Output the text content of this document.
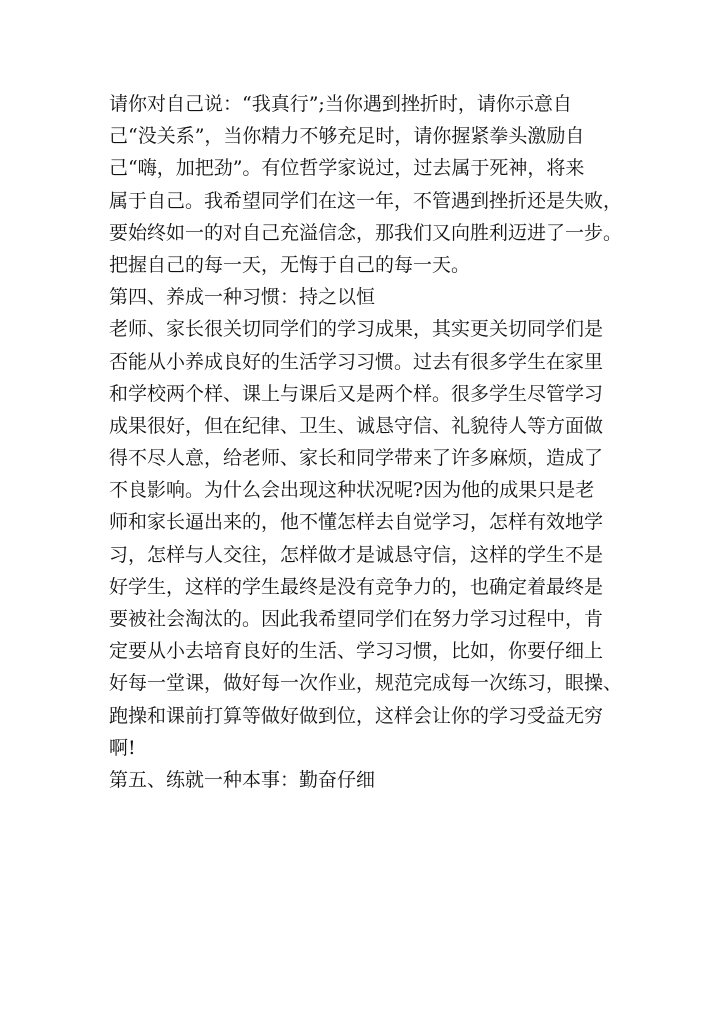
请你对自己说：“我真行”;当你遇到挫折时，请你示意自
己“没关系”，当你精力不够充足时，请你握紧拳头激励自
己“嗨，加把劲”。有位哲学家说过，过去属于死神，将来
属于自己。我希望同学们在这一年，不管遇到挫折还是失败，
要始终如一的对自己充溢信念，那我们又向胜利迈进了一步。
把握自己的每一天，无悔于自己的每一天。
第四、养成一种习惯：持之以恒
老师、家长很关切同学们的学习成果，其实更关切同学们是
否能从小养成良好的生活学习习惯。过去有很多学生在家里
和学校两个样、课上与课后又是两个样。很多学生尽管学习
成果很好，但在纪律、卫生、诚恳守信、礼貌待人等方面做
得不尽人意，给老师、家长和同学带来了许多麻烦，造成了
不良影响。为什么会出现这种状况呢?因为他的成果只是老
师和家长逼出来的，他不懂怎样去自觉学习，怎样有效地学
习，怎样与人交往，怎样做才是诚恳守信，这样的学生不是
好学生，这样的学生最终是没有竞争力的，也确定着最终是
要被社会淘汰的。因此我希望同学们在努力学习过程中，肯
定要从小去培育良好的生活、学习习惯，比如，你要仔细上
好每一堂课，做好每一次作业，规范完成每一次练习，眼操、
跑操和课前打算等做好做到位，这样会让你的学习受益无穷
啊!
第五、练就一种本事：勤奋仔细
